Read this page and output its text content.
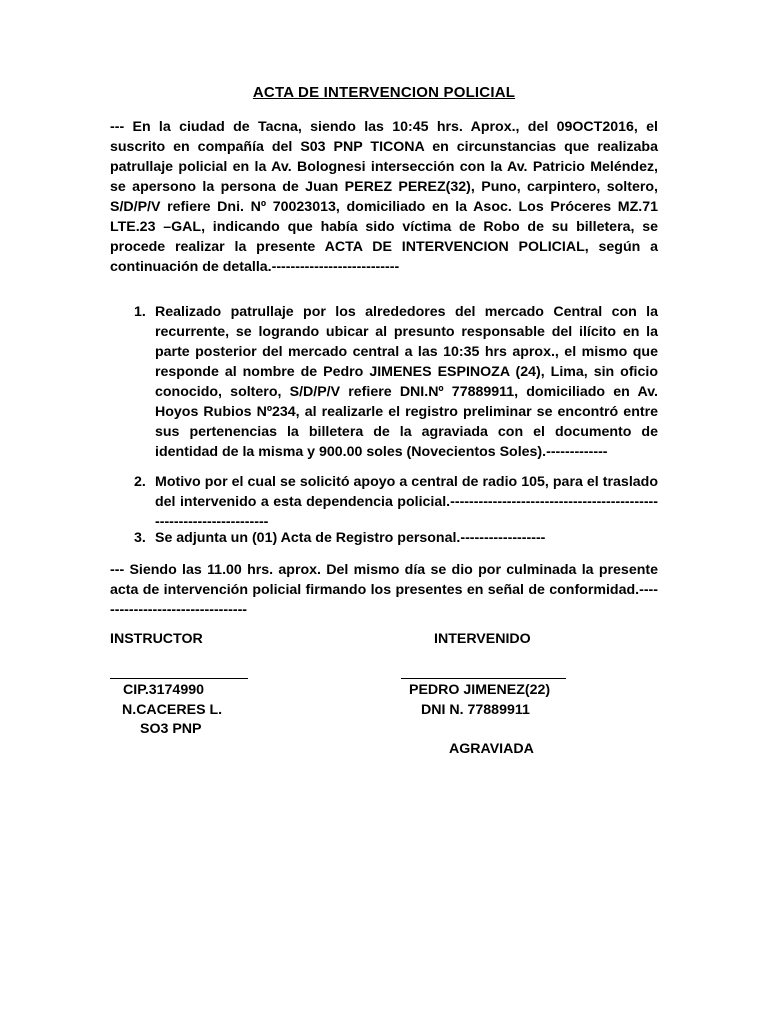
ACTA DE INTERVENCION POLICIAL
--- En la ciudad de Tacna, siendo las 10:45 hrs. Aprox., del 09OCT2016, el suscrito en compañía del S03 PNP TICONA en circunstancias que realizaba patrullaje policial en la Av. Bolognesi intersección con la Av. Patricio Meléndez, se apersono la persona de Juan PEREZ PEREZ(32), Puno, carpintero, soltero, S/D/P/V refiere Dni. Nº 70023013, domiciliado en la Asoc. Los Próceres MZ.71 LTE.23 –GAL, indicando que había sido víctima de Robo de su billetera, se procede realizar la presente ACTA DE INTERVENCION POLICIAL, según a continuación de detalla.---------------------------
1. Realizado patrullaje por los alrededores del mercado Central con la recurrente, se logrando ubicar al presunto responsable del ilícito en la parte posterior del mercado central a las 10:35 hrs aprox., el mismo que responde al nombre de Pedro JIMENES ESPINOZA (24), Lima, sin oficio conocido, soltero, S/D/P/V refiere DNI.Nº 77889911, domiciliado en Av. Hoyos Rubios Nº234, al realizarle el registro preliminar se encontró entre sus pertenencias la billetera de la agraviada con el documento de identidad de la misma y 900.00 soles (Novecientos Soles).-------------
2. Motivo por el cual se solicitó apoyo a central de radio 105, para el traslado del intervenido a esta dependencia policial.--------------------------------------------------------------------
3. Se adjunta un (01) Acta de Registro personal.------------------
--- Siendo las 11.00 hrs. aprox. Del mismo día se dio por culminada la presente acta de intervención policial firmando los presentes en señal de conformidad.---------------------------------
INSTRUCTOR
CIP.3174990
N.CACERES L.
SO3 PNP
INTERVENIDO
PEDRO JIMENEZ(22)
DNI N. 77889911
AGRAVIADA
